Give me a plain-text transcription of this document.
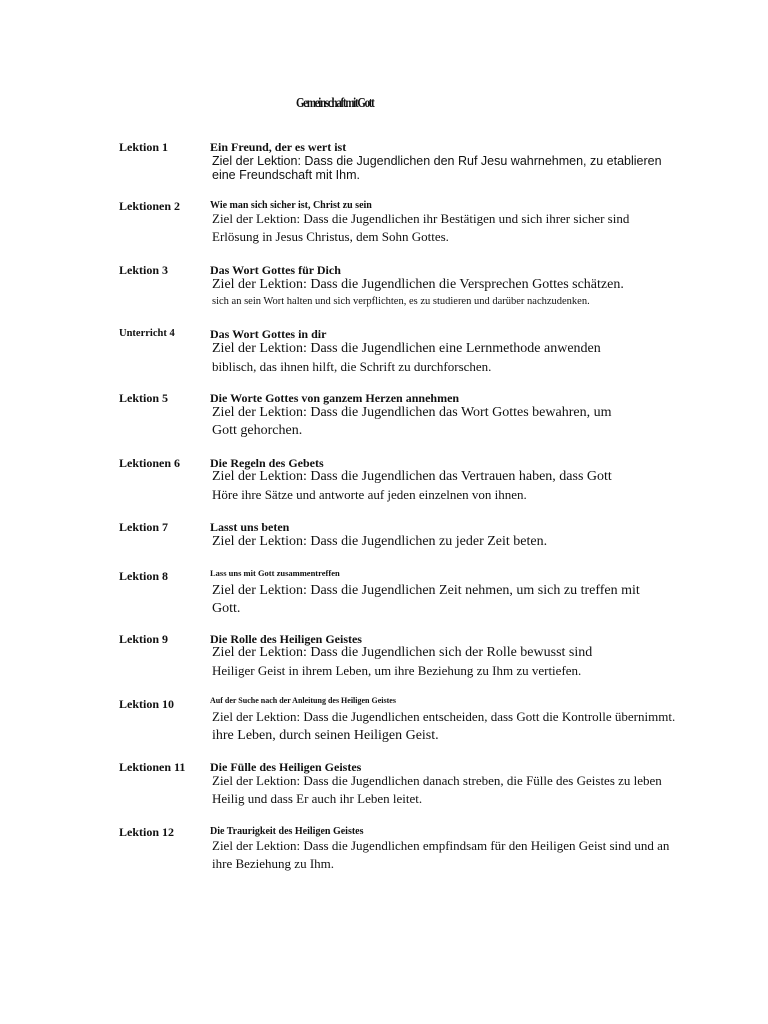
GemeinschaftmitGott
Lektion 1	Ein Freund, der es wert ist
Ziel der Lektion: Dass die Jugendlichen den Ruf Jesu wahrnehmen, zu etablieren
eine Freundschaft mit Ihm.
Lektionen 2	Wie man sich sicher ist, Christ zu sein
Ziel der Lektion: Dass die Jugendlichen ihr Bestätigen und sich ihrer sicher sind
Erlösung in Jesus Christus, dem Sohn Gottes.
Lektion 3	Das Wort Gottes für Dich
Ziel der Lektion: Dass die Jugendlichen die Versprechen Gottes schätzen.
sich an sein Wort halten und sich verpflichten, es zu studieren und darüber nachzudenken.
Unterricht 4	Das Wort Gottes in dir
Ziel der Lektion: Dass die Jugendlichen eine Lernmethode anwenden
biblisch, das ihnen hilft, die Schrift zu durchforschen.
Lektion 5	Die Worte Gottes von ganzem Herzen annehmen
Ziel der Lektion: Dass die Jugendlichen das Wort Gottes bewahren, um
Gott gehorchen.
Lektionen 6 Die Regeln des Gebets
Ziel der Lektion: Dass die Jugendlichen das Vertrauen haben, dass Gott
Höre ihre Sätze und antworte auf jeden einzelnen von ihnen.
Lektion 7	Lasst uns beten
Ziel der Lektion: Dass die Jugendlichen zu jeder Zeit beten.
Lektion 8	Lass uns mit Gott zusammentreffen
Ziel der Lektion: Dass die Jugendlichen Zeit nehmen, um sich zu treffen mit
Gott.
Lektion 9	Die Rolle des Heiligen Geistes
Ziel der Lektion: Dass die Jugendlichen sich der Rolle bewusst sind
Heiliger Geist in ihrem Leben, um ihre Beziehung zu Ihm zu vertiefen.
Lektion 10	Auf der Suche nach der Anleitung des Heiligen Geistes
Ziel der Lektion: Dass die Jugendlichen entscheiden, dass Gott die Kontrolle übernimmt.
ihre Leben, durch seinen Heiligen Geist.
Lektionen 11 Die Fülle des Heiligen Geistes
Ziel der Lektion: Dass die Jugendlichen danach streben, die Fülle des Geistes zu leben
Heilig und dass Er auch ihr Leben leitet.
Lektion 12	Die Traurigkeit des Heiligen Geistes
Ziel der Lektion: Dass die Jugendlichen empfindsam für den Heiligen Geist sind und an
ihre Beziehung zu Ihm.
